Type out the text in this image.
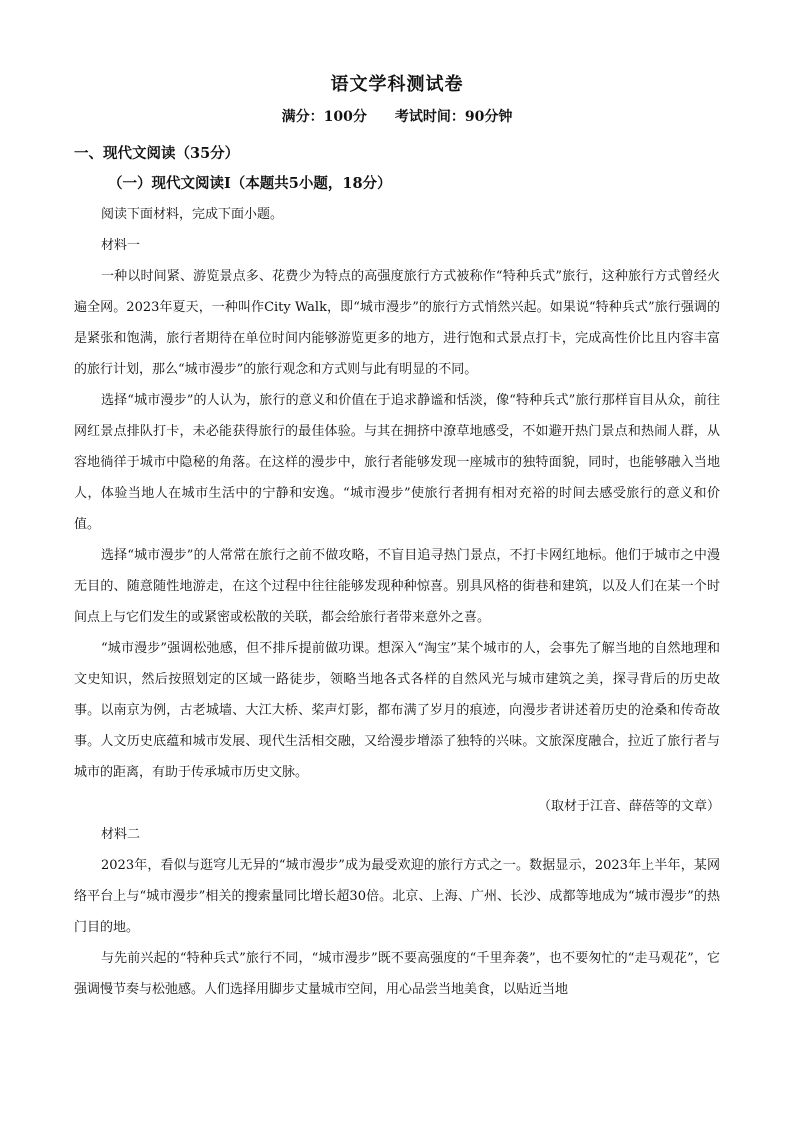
语文学科测试卷
满分：100分 考试时间：90分钟
一、现代文阅读（35分）
（一）现代文阅读Ⅰ（本题共5小题，18分）
阅读下面材料，完成下面小题。
材料一
一种以时间紧、游览景点多、花费少为特点的高强度旅行方式被称作“特种兵式”旅行，这种旅行方式曾经火遍全网。2023年夏天，一种叫作City Walk，即“城市漫步”的旅行方式悄然兴起。如果说“特种兵式”旅行强调的是紧张和饱满，旅行者期待在单位时间内能够游览更多的地方，进行饱和式景点打卡，完成高性价比且内容丰富的旅行计划，那么“城市漫步”的旅行观念和方式则与此有明显的不同。
选择“城市漫步”的人认为，旅行的意义和价值在于追求静谧和恬淡，像“特种兵式”旅行那样盲目从众，前往网红景点排队打卡，未必能获得旅行的最佳体验。与其在拥挤中潦草地感受，不如避开热门景点和热闹人群，从容地徜徉于城市中隐秘的角落。在这样的漫步中，旅行者能够发现一座城市的独特面貌，同时，也能够融入当地人，体验当地人在城市生活中的宁静和安逸。“城市漫步”使旅行者拥有相对充裕的时间去感受旅行的意义和价值。
选择“城市漫步”的人常常在旅行之前不做攻略，不盲目追寻热门景点，不打卡网红地标。他们于城市之中漫无目的、随意随性地游走，在这个过程中往往能够发现种种惊喜。别具风格的街巷和建筑，以及人们在某一个时间点上与它们发生的或紧密或松散的关联，都会给旅行者带来意外之喜。
“城市漫步”强调松弛感，但不排斥提前做功课。想深入“淘宝”某个城市的人，会事先了解当地的自然地理和文史知识，然后按照划定的区域一路徒步，领略当地各式各样的自然风光与城市建筑之美，探寻背后的历史故事。以南京为例，古老城墙、大江大桥、桨声灯影，都布满了岁月的痕迹，向漫步者讲述着历史的沧桑和传奇故事。人文历史底蕴和城市发展、现代生活相交融，又给漫步增添了独特的兴味。文旅深度融合，拉近了旅行者与城市的距离，有助于传承城市历史文脉。
（取材于江音、薛蓓等的文章）
材料二
2023年，看似与逛穹儿无异的“城市漫步”成为最受欢迎的旅行方式之一。数据显示，2023年上半年，某网络平台上与“城市漫步”相关的搜索量同比增长超30倍。北京、上海、广州、长沙、成都等地成为“城市漫步”的热门目的地。
与先前兴起的“特种兵式”旅行不同，“城市漫步”既不要高强度的“千里奔袭”，也不要匆忙的“走马观花”，它强调慢节奏与松弛感。人们选择用脚步丈量城市空间，用心品尝当地美食，以贴近当地
